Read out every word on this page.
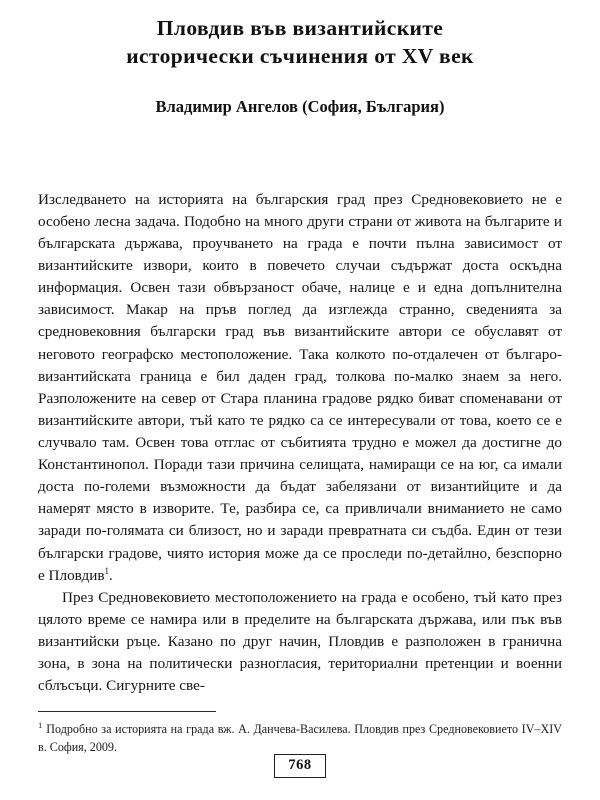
Пловдив във византийските
исторически съчинения от XV век
Владимир Ангелов (София, България)

Изследването на историята на българския град през Средновековието не е особено лесна задача. Подобно на много други страни от живота на българите и българската държава, проучването на града е почти пълна зависимост от византийските извори, които в повечето случаи съдържат доста оскъдна информация. Освен тази обвързаност обаче, налице е и една допълнителна зависимост. Макар на пръв поглед да изглежда странно, сведенията за средновековния български град във византийските автори се обуславят от неговото географско местоположение. Така колкото по-отдалечен от българо-византийската граница е бил даден град, толкова по-малко знаем за него. Разположените на север от Стара планина градове рядко биват споменавани от византийските автори, тъй като те рядко са се интересували от това, което се е случвало там. Освен това отглас от събитията трудно е можел да достигне до Константинопол. Поради тази причина селищата, намиращи се на юг, са имали доста по-големи възможности да бъдат забелязани от византийците и да намерят място в изворите. Те, разбира се, са привличали вниманието не само заради по-голямата си близост, но и заради превратната си съдба. Един от тези български градове, чиято история може да се проследи по-детайлно, безспорно е Пловдив$^1$.

През Средновековието местоположението на града е особено, тъй като през цялото време се намира или в пределите на българската държава, или пък във византийски ръце. Казано по друг начин, Пловдив е разположен в гранична зона, в зона на политически разногласия, териториални претенции и военни сблъсъци. Сигурните све-

$^1$ Подробно за историята на града вж. А. Данчева-Василева. Пловдив през Средновековието IV–XIV в. София, 2009.
768
